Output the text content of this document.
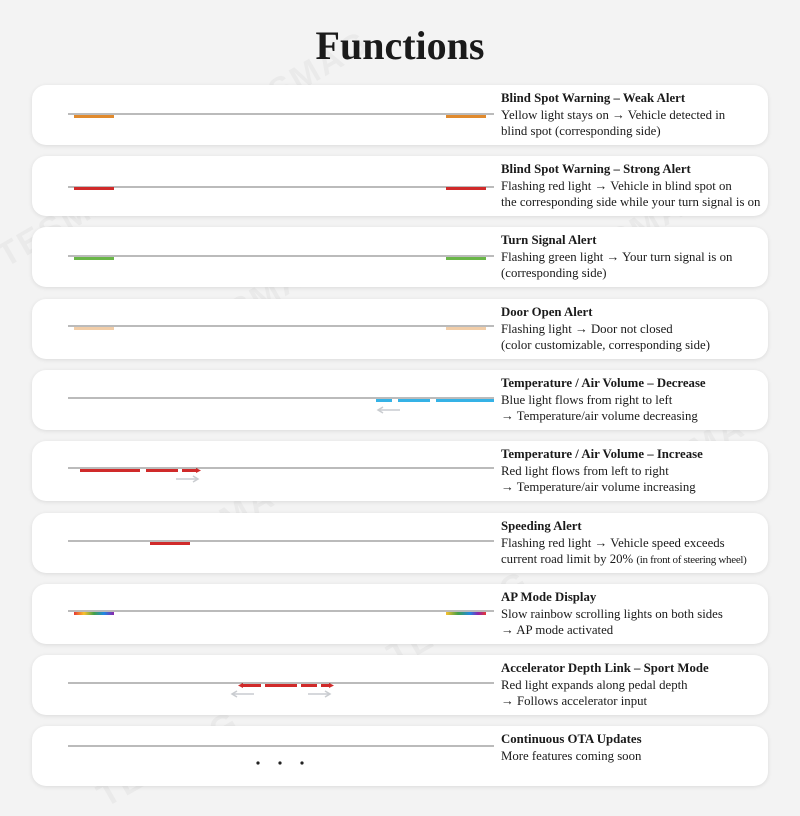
Functions
Blind Spot Warning – Weak Alert
Yellow light stays on → Vehicle detected in
blind spot (corresponding side)
Blind Spot Warning – Strong Alert
Flashing red light → Vehicle in blind spot on
the corresponding side while your turn signal is on
Turn Signal Alert
Flashing green light → Your turn signal is on
(corresponding side)
Door Open Alert
Flashing light → Door not closed
(color customizable, corresponding side)
Temperature / Air Volume – Decrease
Blue light flows from right to left
→ Temperature/air volume decreasing
Temperature / Air Volume – Increase
Red light flows from left to right
→ Temperature/air volume increasing
Speeding Alert
Flashing red light → Vehicle speed exceeds
current road limit by 20% (in front of steering wheel)
AP Mode Display
Slow rainbow scrolling lights on both sides
→ AP mode activated
Accelerator Depth Link – Sport Mode
Red light expands along pedal depth
→ Follows accelerator input
Continuous OTA Updates
More features coming soon
